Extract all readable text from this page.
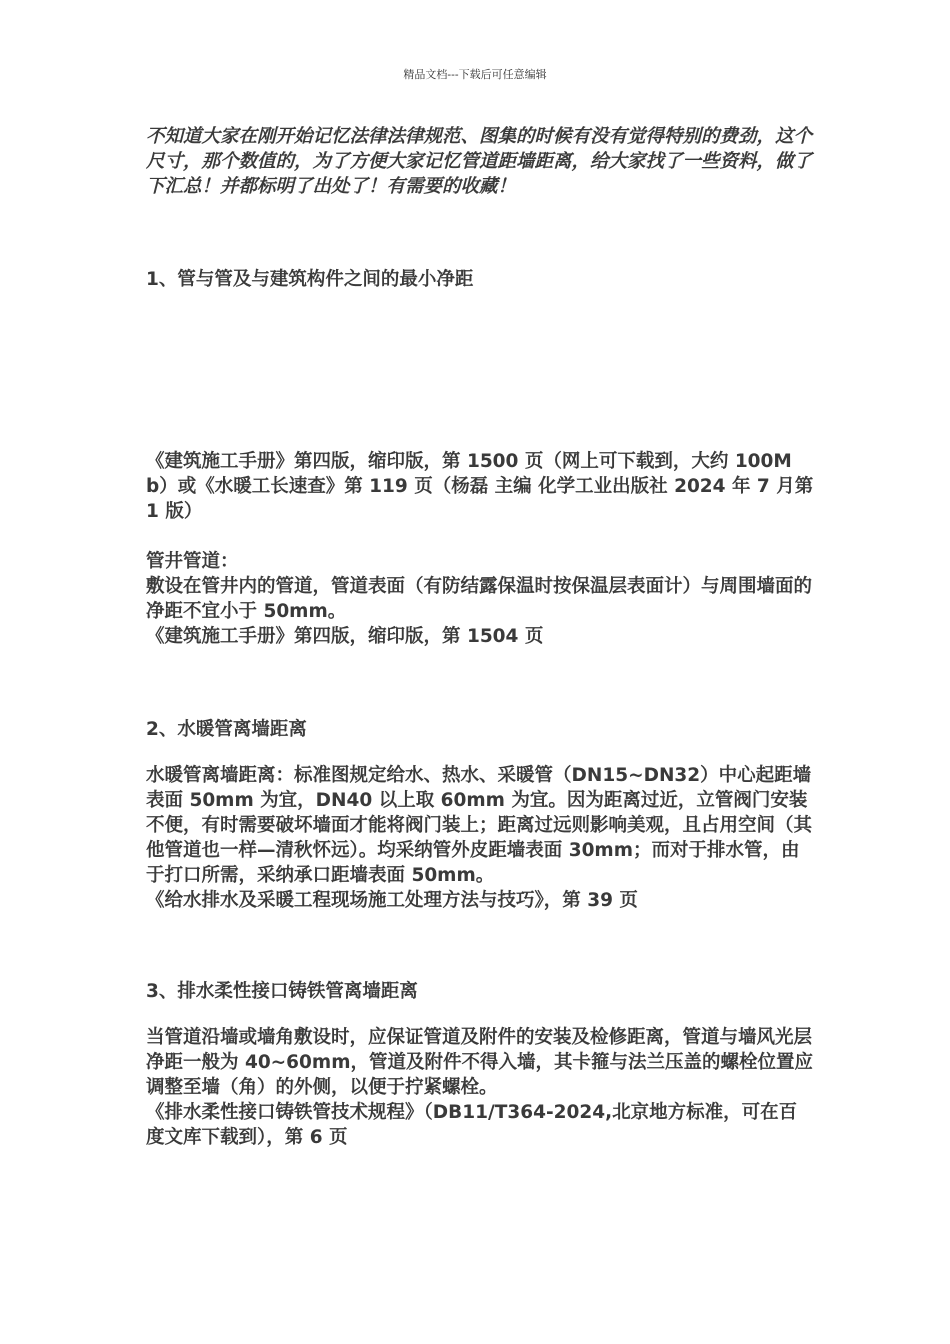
精品文档---下载后可任意编辑

不知道大家在刚开始记忆法律法律规范、图集的时候有没有觉得特别的费劲，这个尺寸，那个数值的，为了方便大家记忆管道距墙距离，给大家找了一些资料，做了下汇总！并都标明了出处了！有需要的收藏！

1、管与管及与建筑构件之间的最小净距

《建筑施工手册》第四版，缩印版，第 1500 页（网上可下载到，大约 100Mb）或《水暖工长速查》第 119 页（杨磊 主编 化学工业出版社 2024 年 7 月第 1 版）

管井管道：

敷设在管井内的管道，管道表面（有防结露保温时按保温层表面计）与周围墙面的净距不宜小于 50mm。

《建筑施工手册》第四版，缩印版，第 1504 页

2、水暖管离墙距离

水暖管离墙距离：标准图规定给水、热水、采暖管（DN15~DN32）中心起距墙表面 50mm 为宜，DN40 以上取 60mm 为宜。因为距离过近，立管阀门安装不便，有时需要破坏墙面才能将阀门装上；距离过远则影响美观，且占用空间（其他管道也一样—清秋怀远）。均采纳管外皮距墙表面 30mm；而对于排水管，由于打口所需，采纳承口距墙表面 50mm。

《给水排水及采暖工程现场施工处理方法与技巧》，第 39 页

3、排水柔性接口铸铁管离墙距离

当管道沿墙或墙角敷设时，应保证管道及附件的安装及检修距离，管道与墙风光层净距一般为 40~60mm，管道及附件不得入墙，其卡箍与法兰压盖的螺栓位置应调整至墙（角）的外侧，以便于拧紧螺栓。

《排水柔性接口铸铁管技术规程》（DB11/T364-2024,北京地方标准，可在百度文库下载到），第 6 页
